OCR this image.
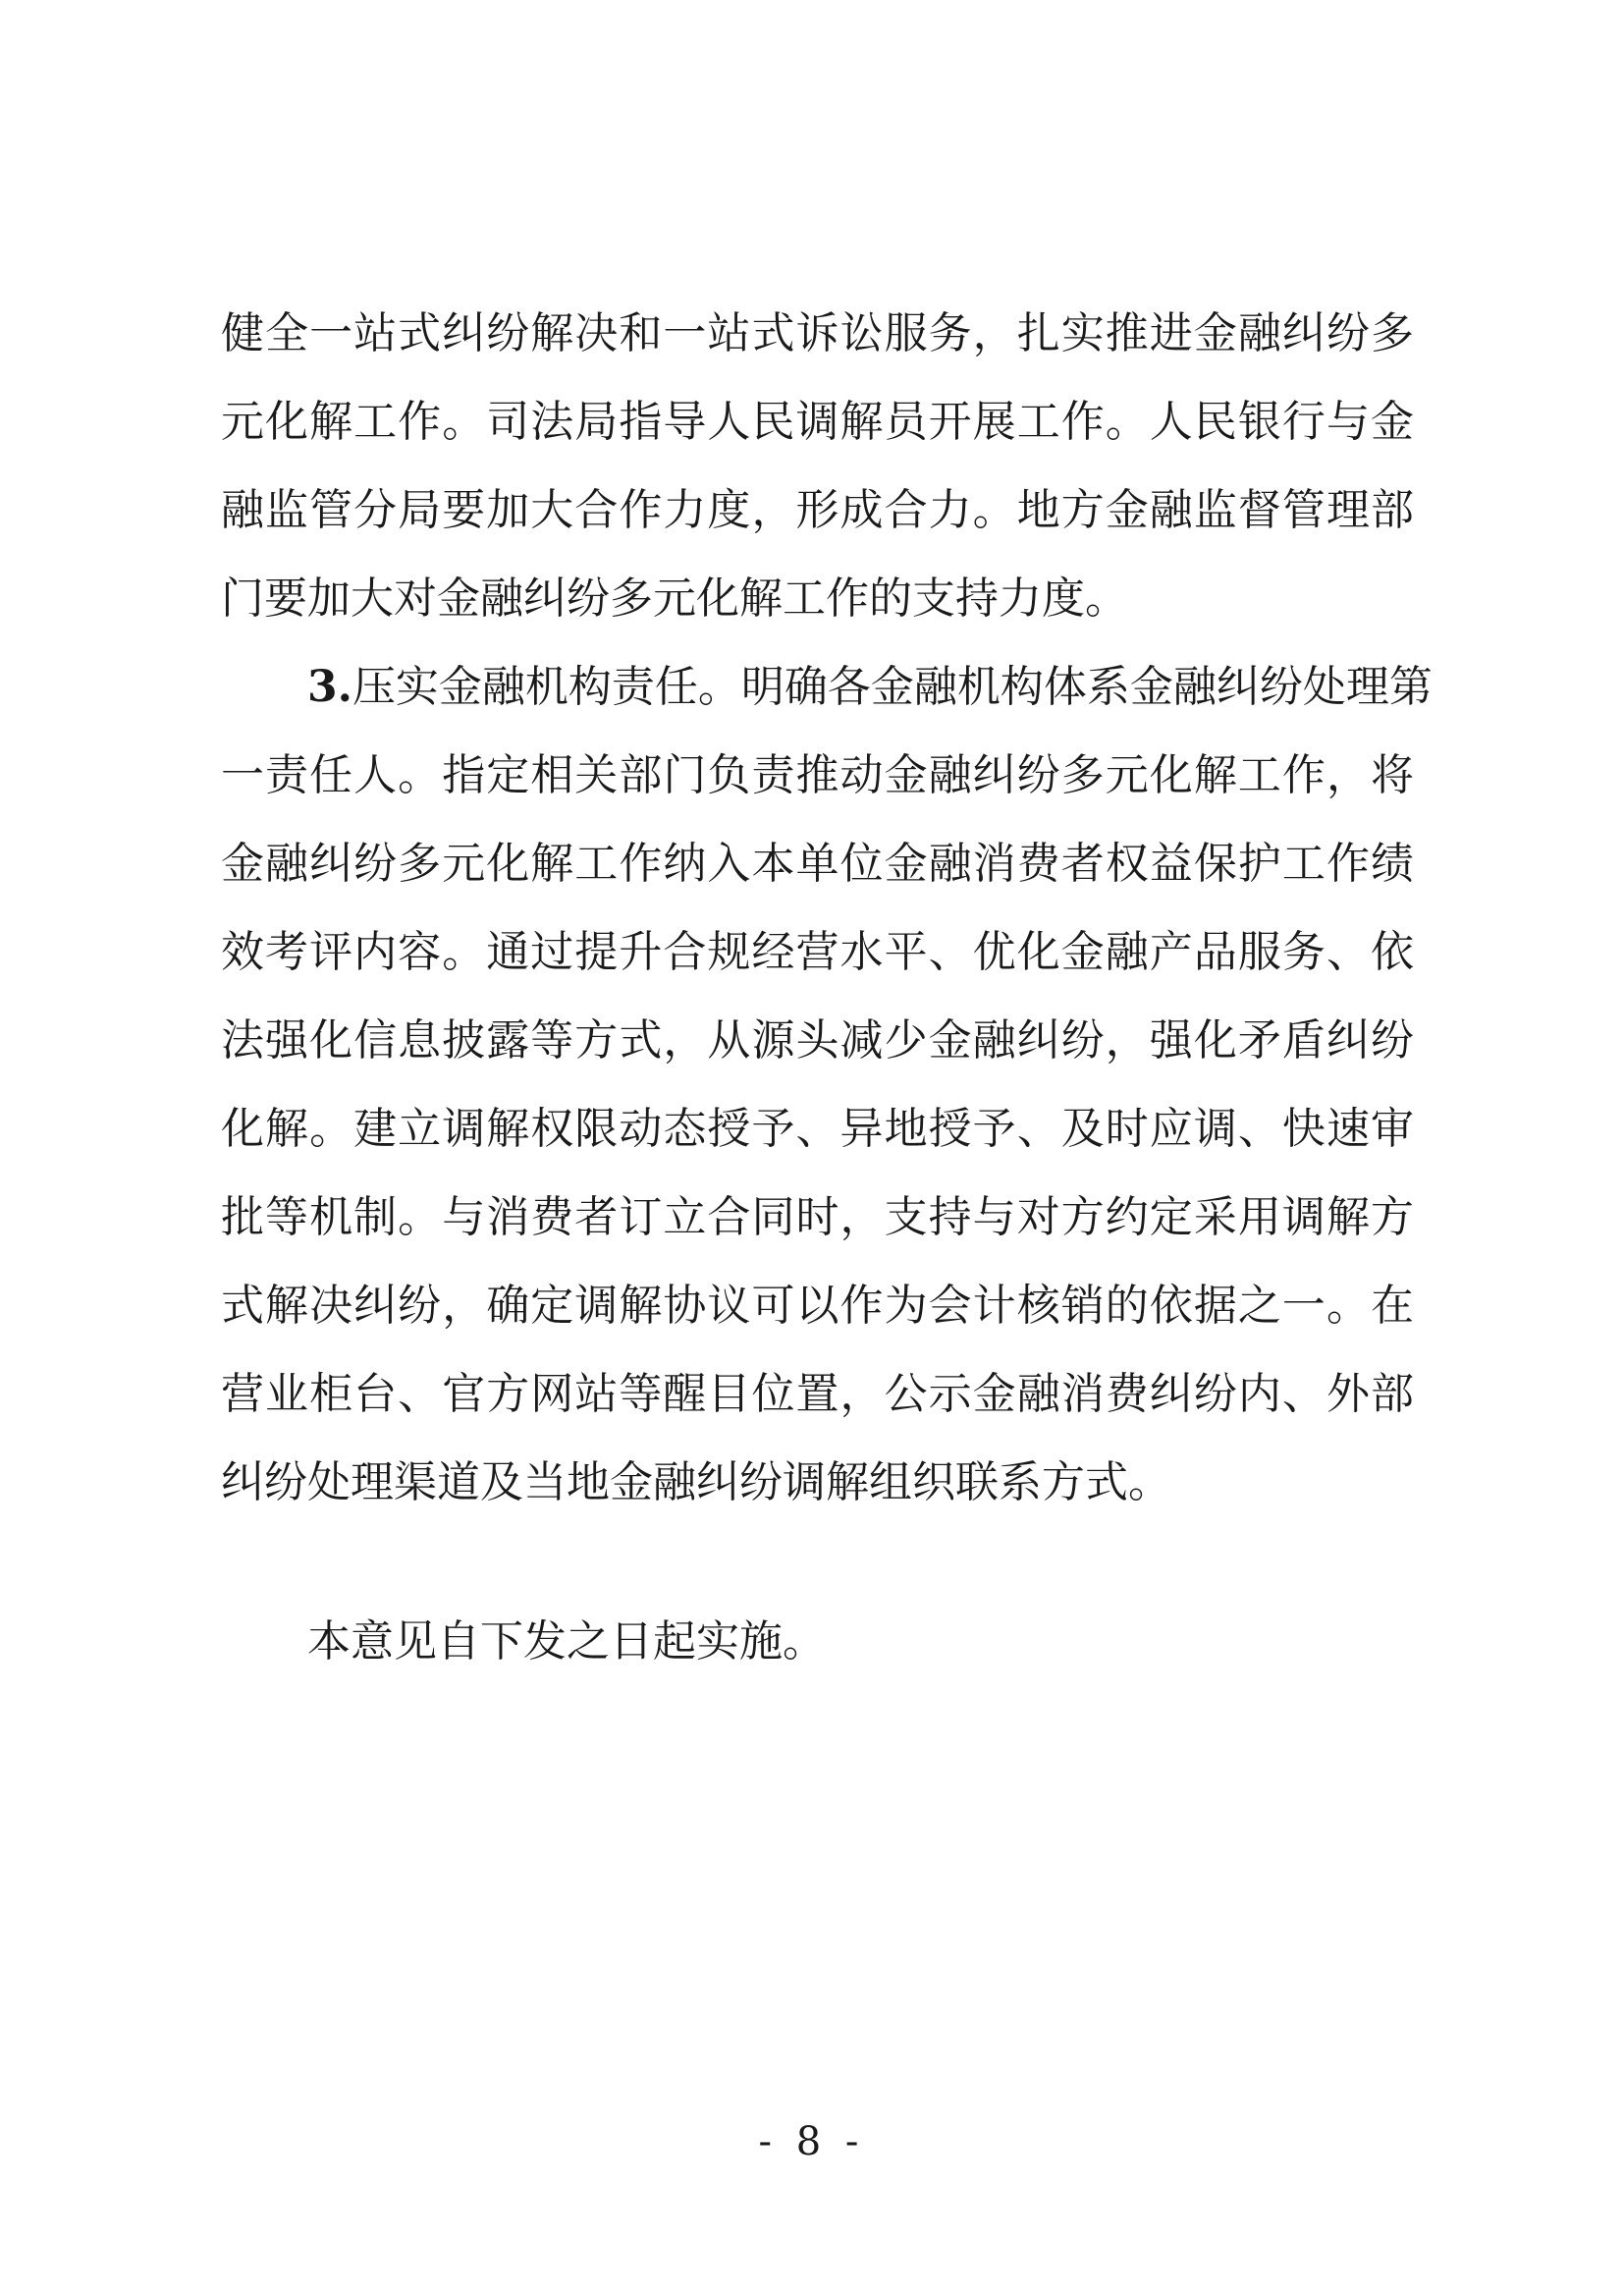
健全一站式纠纷解决和一站式诉讼服务，扎实推进金融纠纷多
元化解工作。司法局指导人民调解员开展工作。人民银行与金
融监管分局要加大合作力度，形成合力。地方金融监督管理部
门要加大对金融纠纷多元化解工作的支持力度。
3.压实金融机构责任。明确各金融机构体系金融纠纷处理第
一责任人。指定相关部门负责推动金融纠纷多元化解工作，将
金融纠纷多元化解工作纳入本单位金融消费者权益保护工作绩
效考评内容。通过提升合规经营水平、优化金融产品服务、依
法强化信息披露等方式，从源头减少金融纠纷，强化矛盾纠纷
化解。建立调解权限动态授予、异地授予、及时应调、快速审
批等机制。与消费者订立合同时，支持与对方约定采用调解方
式解决纠纷，确定调解协议可以作为会计核销的依据之一。在
营业柜台、官方网站等醒目位置，公示金融消费纠纷内、外部
纠纷处理渠道及当地金融纠纷调解组织联系方式。
本意见自下发之日起实施。
- 8 -
